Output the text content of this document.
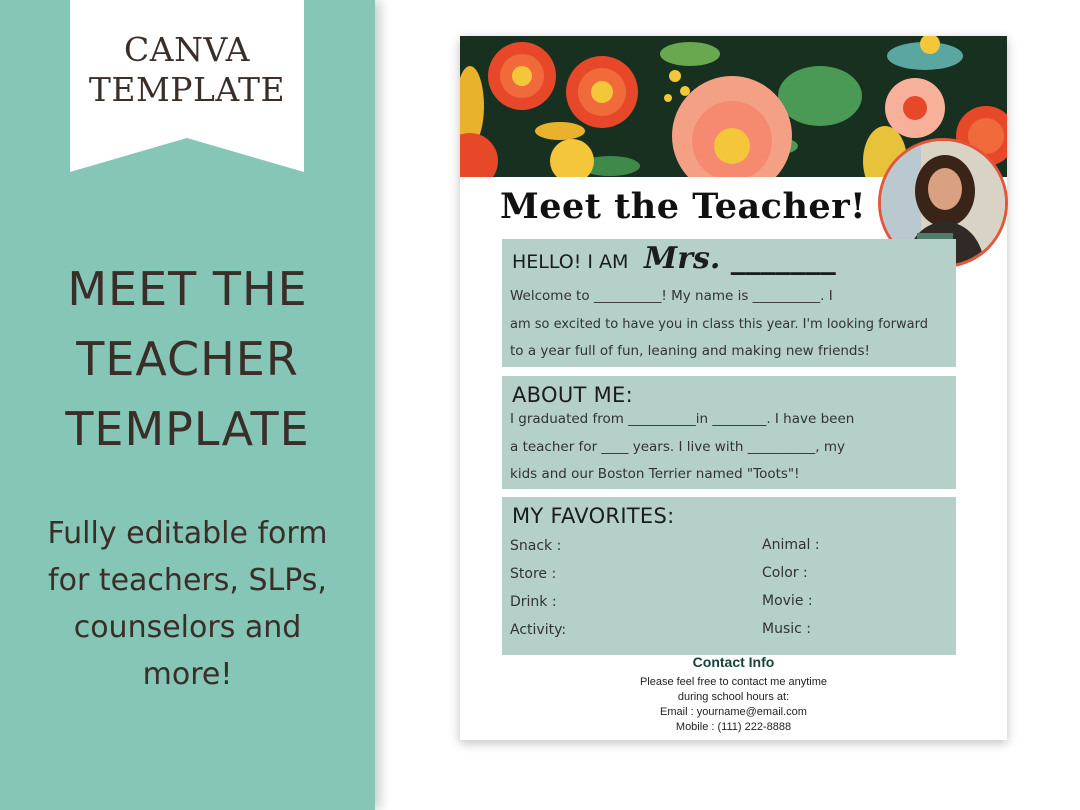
CANVA
TEMPLATE
MEET THE
TEACHER
TEMPLATE
Fully editable form
for teachers, SLPs,
counselors and
more!
Meet the Teacher!
HELLO! I AM Mrs. _______
Welcome to __________! My name is __________. I
am so excited to have you in class this year. I'm looking forward
to a year full of fun, leaning and making new friends!
ABOUT ME:
I graduated from __________in ________. I have been
a teacher for ____ years. I live with __________, my
kids and our Boston Terrier named "Toots"!
MY FAVORITES:
Snack :
Store :
Drink :
Activity:
Animal :
Color :
Movie :
Music :
Contact Info
Please feel free to contact me anytime
during school hours at:
Email : yourname@email.com
Mobile : (111) 222-8888
